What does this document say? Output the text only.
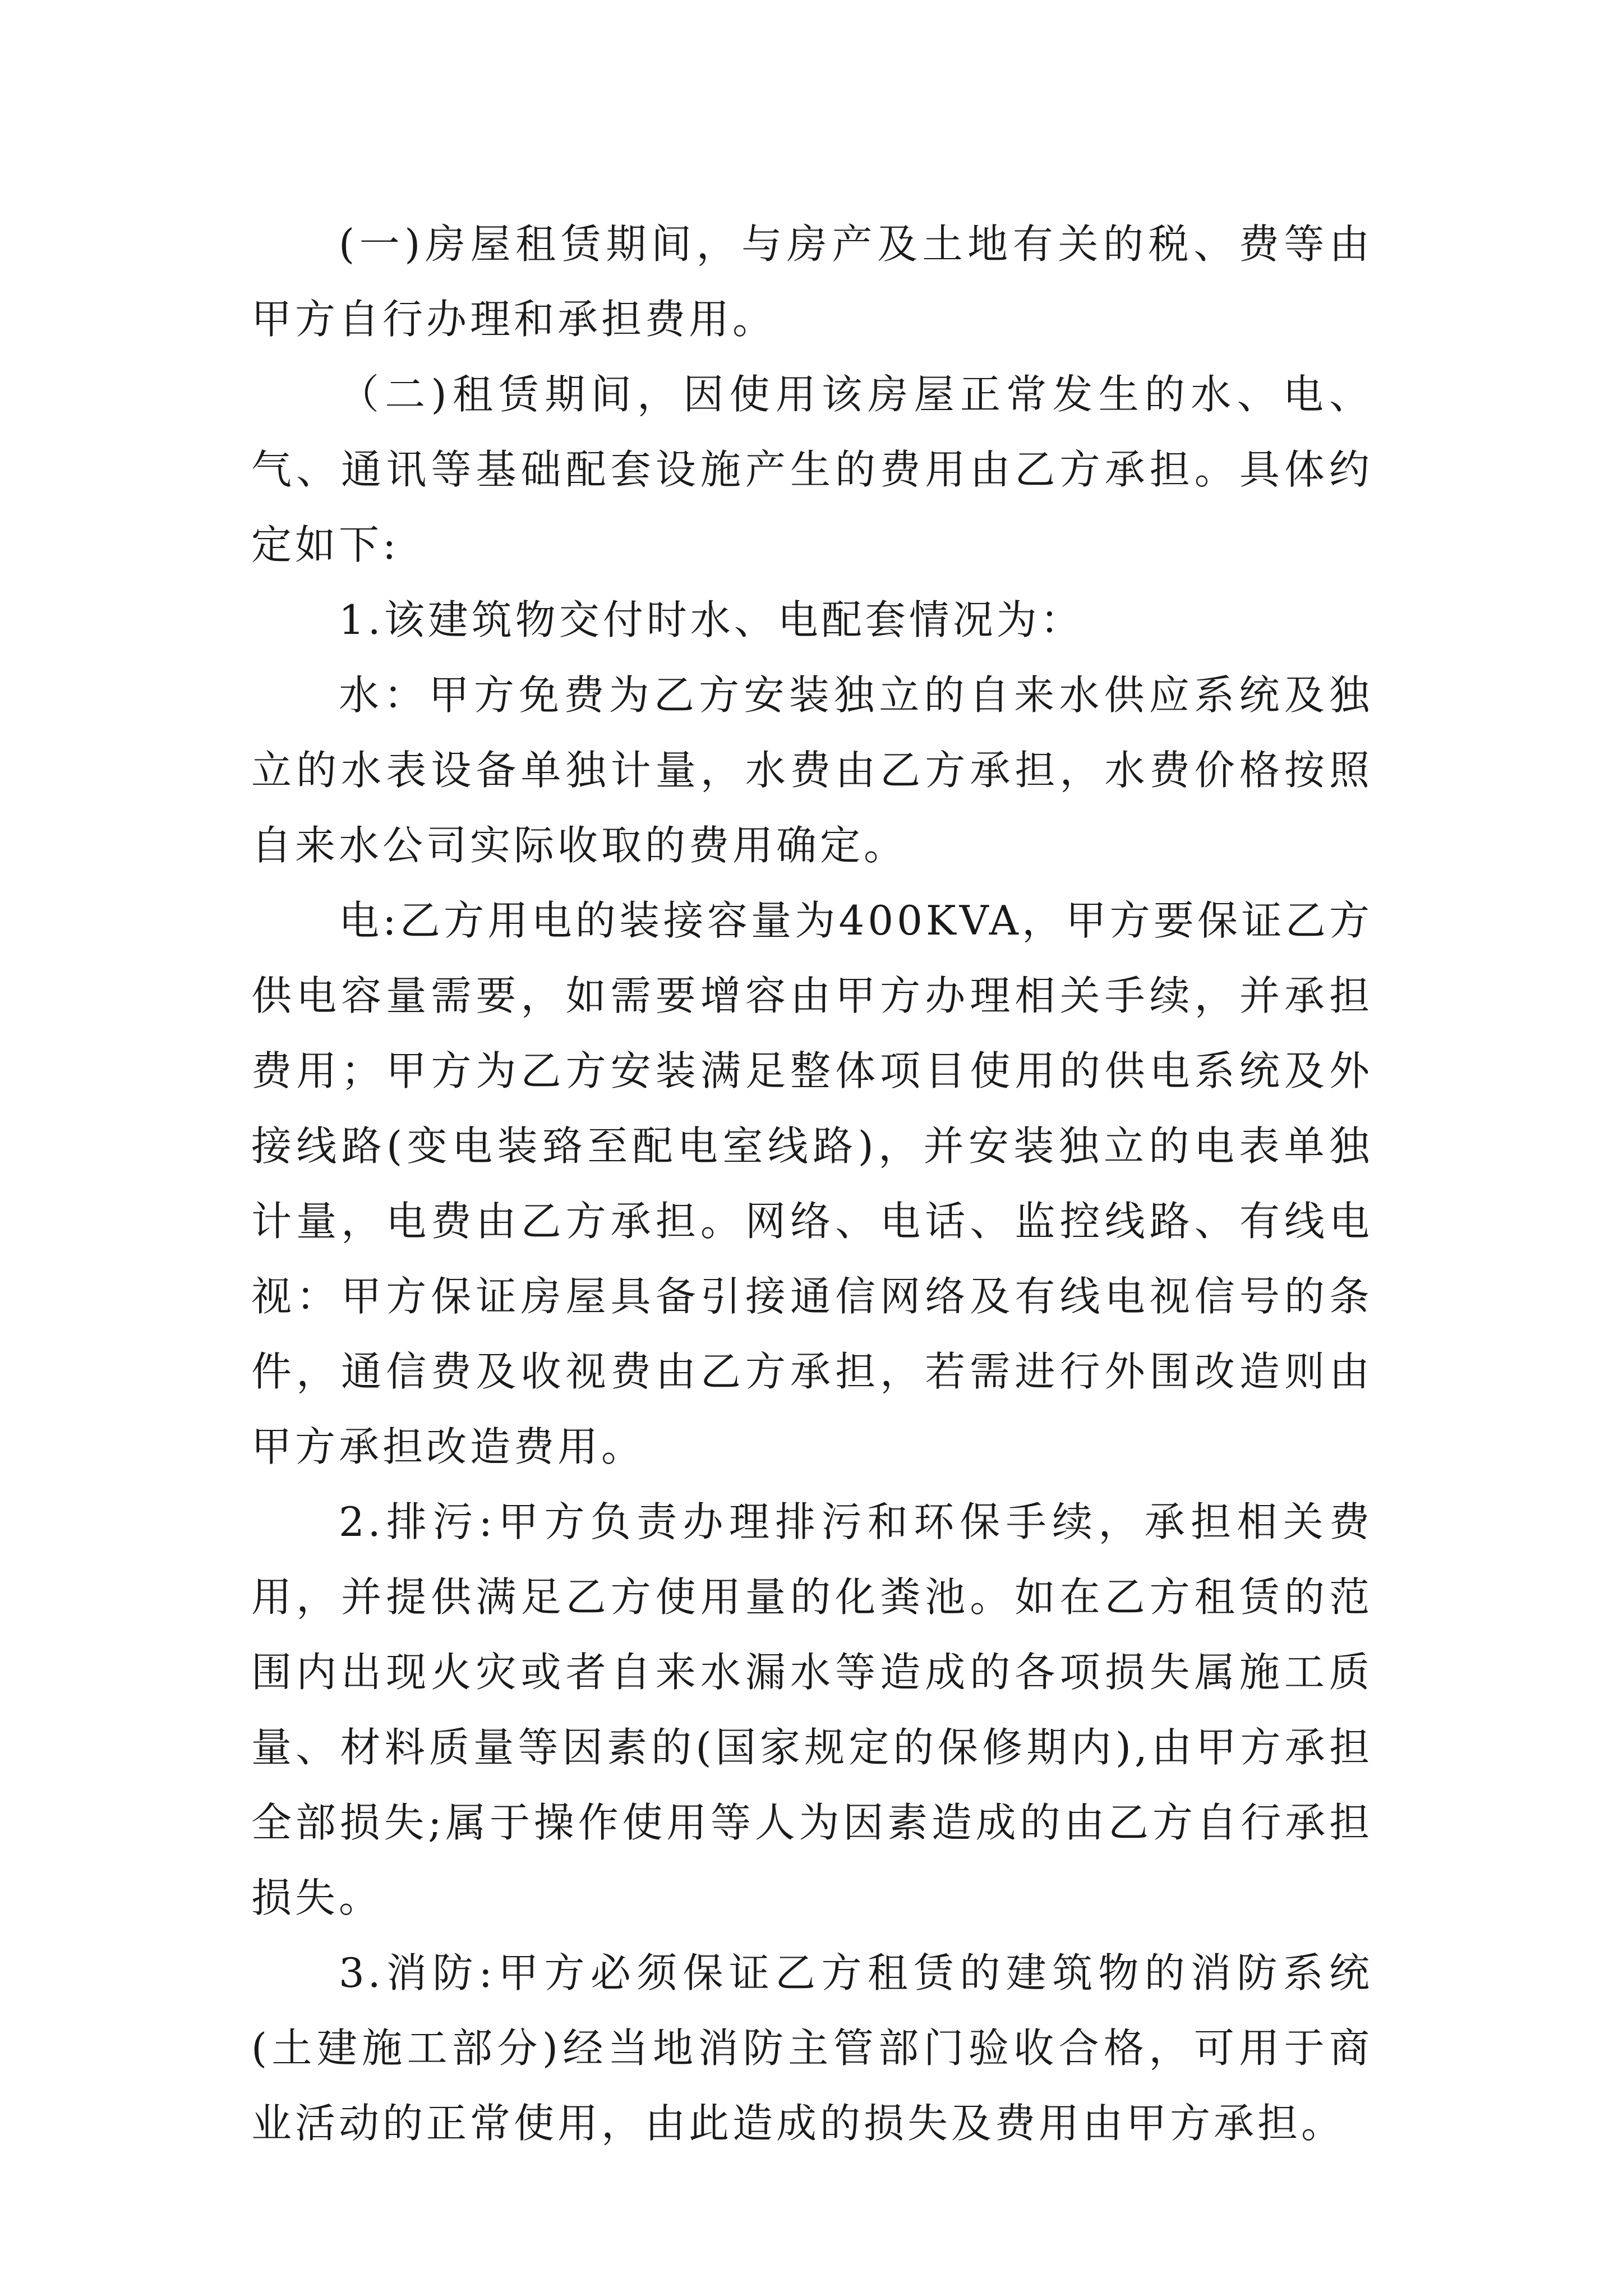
(一)房屋租赁期间，与房产及土地有关的税、费等由甲方自行办理和承担费用。

（二)租赁期间，因使用该房屋正常发生的水、电、气、通讯等基础配套设施产生的费用由乙方承担。具体约定如下:

1.该建筑物交付时水、电配套情况为：

水：甲方免费为乙方安装独立的自来水供应系统及独立的水表设备单独计量，水费由乙方承担，水费价格按照自来水公司实际收取的费用确定。

电:乙方用电的装接容量为400KVA，甲方要保证乙方供电容量需要，如需要增容由甲方办理相关手续，并承担费用；甲方为乙方安装满足整体项目使用的供电系统及外接线路(变电装臵至配电室线路)，并安装独立的电表单独计量，电费由乙方承担。网络、电话、监控线路、有线电视：甲方保证房屋具备引接通信网络及有线电视信号的条件，通信费及收视费由乙方承担，若需进行外围改造则由甲方承担改造费用。

2.排污:甲方负责办理排污和环保手续，承担相关费用，并提供满足乙方使用量的化粪池。如在乙方租赁的范围内出现火灾或者自来水漏水等造成的各项损失属施工质量、材料质量等因素的(国家规定的保修期内),由甲方承担全部损失;属于操作使用等人为因素造成的由乙方自行承担损失。

3.消防:甲方必须保证乙方租赁的建筑物的消防系统(土建施工部分)经当地消防主管部门验收合格，可用于商业活动的正常使用，由此造成的损失及费用由甲方承担。
